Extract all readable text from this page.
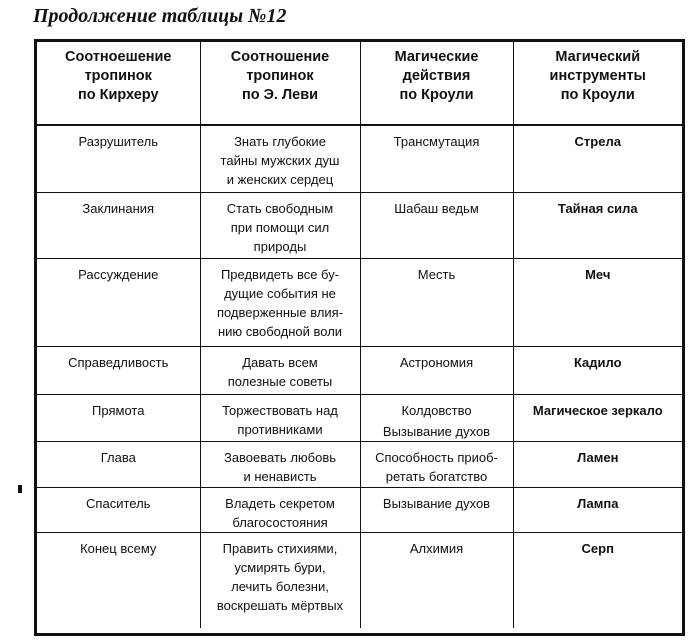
Продолжение таблицы №12
Соотноешение
тропинок
по Кирхеру	Соотношение
тропинок
по Э. Леви	Магические
действия
по Кроули	Магический
инструменты
по Кроули

Разрушитель	Знать глубокие
тайны мужских душ
и женских сердец	Трансмутация	Стрела

Заклинания	Стать свободным
при помощи сил
природы	Шабаш ведьм	Тайная сила

Рассуждение	Предвидеть все бу-
дущие события не
подверженные влия-
нию свободной воли	Месть	Меч

Справедливость	Давать всем
полезные советы	Астрономия	Кадило

Прямота	Торжествовать над
противниками	Колдовство
Вызывание духов	Магическое зеркало

Глава	Завоевать любовь
и ненависть	Способность приоб-
ретать богатство	Ламен

Спаситель	Владеть секретом
благосостояния	Вызывание духов	Лампа

Конец всему	Править стихиями,
усмирять бури,
лечить болезни,
воскрешать мёртвых	Алхимия	Серп
